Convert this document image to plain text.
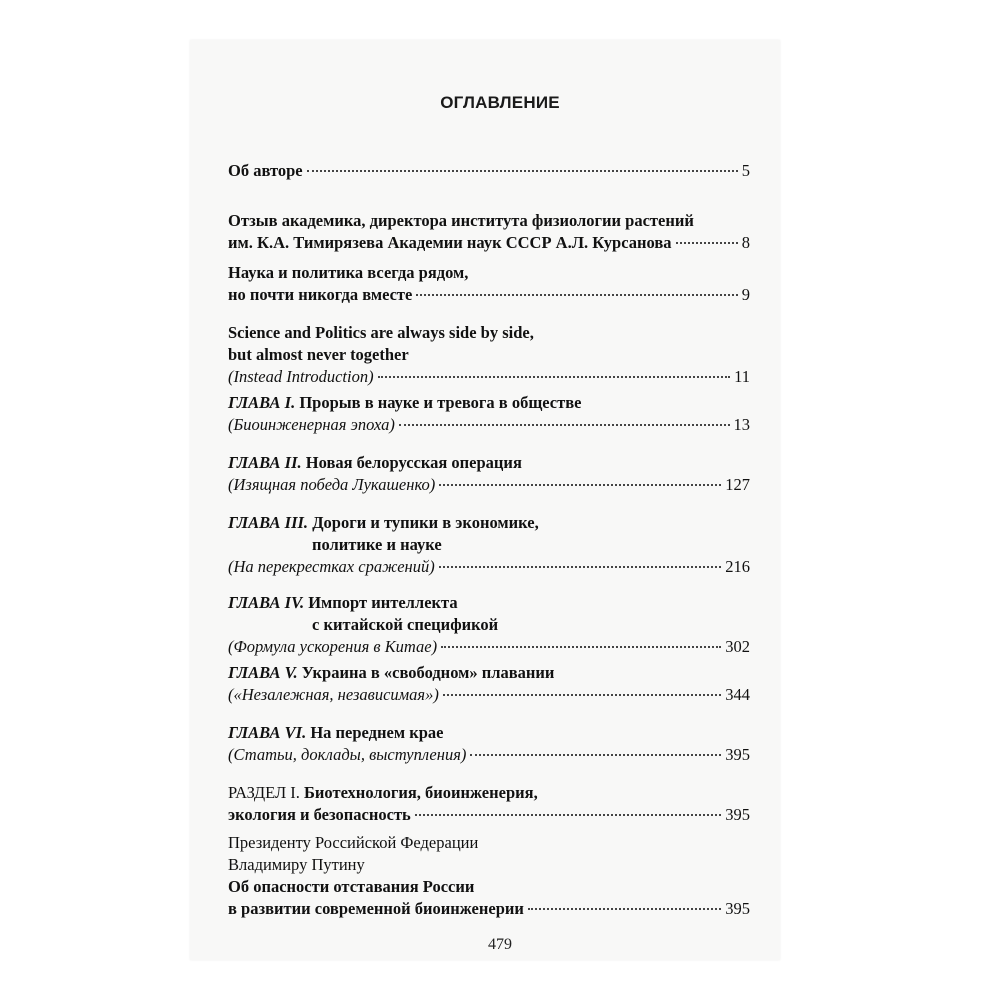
ОГЛАВЛЕНИЕ
Об авторе	5
Отзыв академика, директора института физиологии растений
им. К.А. Тимирязева Академии наук СССР А.Л. Курсанова	8
Наука и политика всегда рядом,
но почти никогда вместе	9
Science and Politics are always side by side,
but almost never together
(Instead Introduction)	11
ГЛАВА I. Прорыв в науке и тревога в обществе
(Биоинженерная эпоха)	13
ГЛАВА II. Новая белорусская операция
(Изящная победа Лукашенко)	127
ГЛАВА III. Дороги и тупики в экономике,
политике и науке
(На перекрестках сражений)	216
ГЛАВА IV. Импорт интеллекта
с китайской спецификой
(Формула ускорения в Китае)	302
ГЛАВА V. Украина в «свободном» плавании
(«Незалежная, независимая»)	344
ГЛАВА VI. На переднем крае
(Статьи, доклады, выступления)	395
РАЗДЕЛ I. Биотехнология, биоинженерия,
экология и безопасность	395
Президенту Российской Федерации
Владимиру Путину
Об опасности отставания России
в развитии современной биоинженерии	395
479
